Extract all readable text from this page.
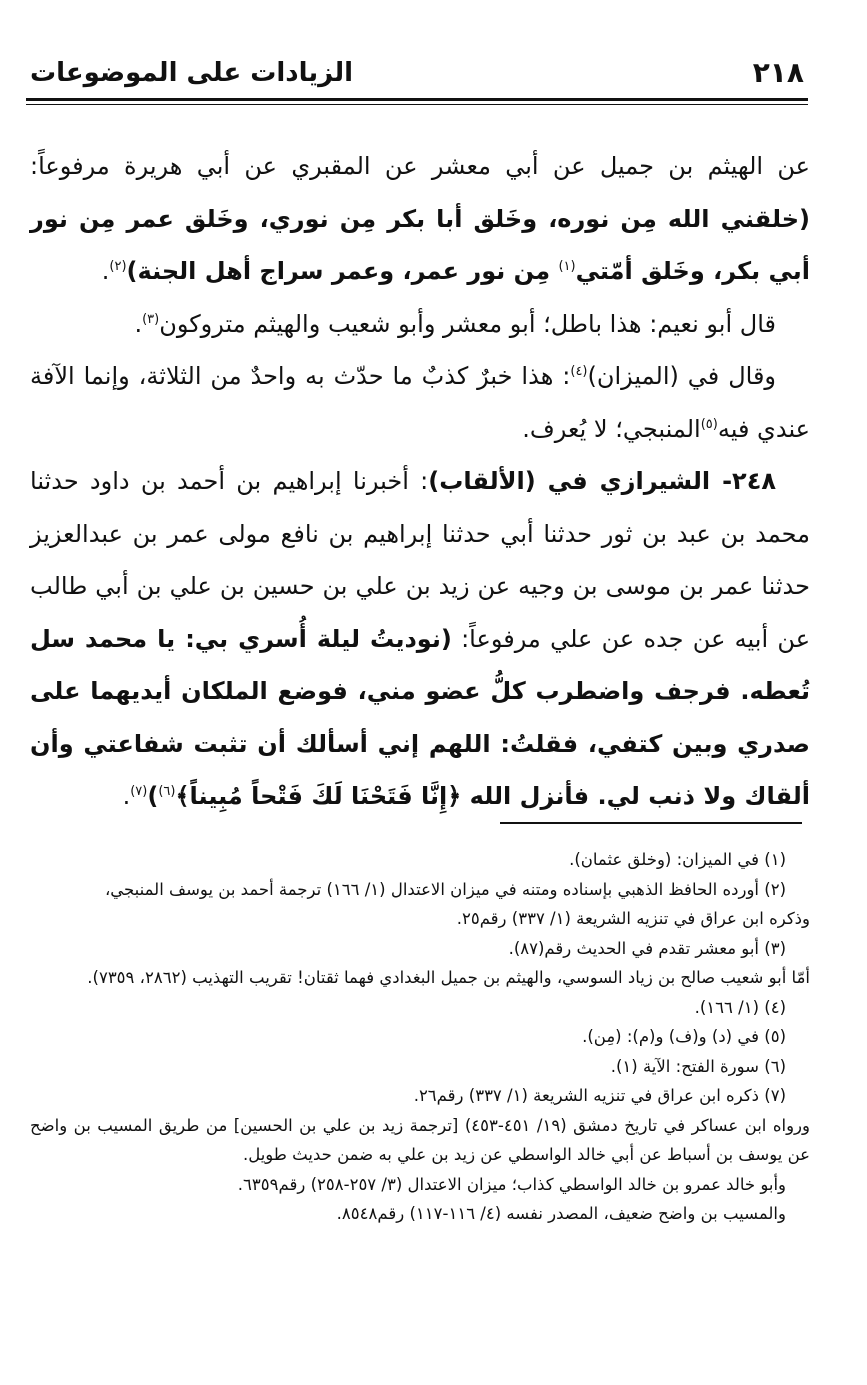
٢١٨
الزيادات على الموضوعات

عن الهيثم بن جميل عن أبي معشر عن المقبري عن أبي هريرة مرفوعاً: (خلقني الله مِن نوره، وخَلق أبا بكر مِن نوري، وخَلق عمر مِن نور أبي بكر، وخَلق أمّتي$^{(١)}$ مِن نور عمر، وعمر سراج أهل الجنة)$^{(٢)}$.

قال أبو نعيم: هذا باطل؛ أبو معشر وأبو شعيب والهيثم متروكون$^{(٣)}$.

وقال في (الميزان)$^{(٤)}$: هذا خبرٌ كذبٌ ما حدّث به واحدٌ من الثلاثة، وإنما الآفة عندي فيه$^{(٥)}$المنبجي؛ لا يُعرف.

٢٤٨- الشيرازي في (الألقاب): أخبرنا إبراهيم بن أحمد بن داود حدثنا محمد بن عبد بن ثور حدثنا أبي حدثنا إبراهيم بن نافع مولى عمر بن عبدالعزيز حدثنا عمر بن موسى بن وجيه عن زيد بن علي بن حسين بن علي بن أبي طالب عن أبيه عن جده عن علي مرفوعاً: (نوديتُ ليلة أُسري بي: يا محمد سل تُعطه. فرجف واضطرب كلُّ عضو مني، فوضع الملكان أيديهما على صدري وبين كتفي، فقلتُ: اللهم إني أسألك أن تثبت شفاعتي وأن ألقاك ولا ذنب لي. فأنزل الله ﴿إِنَّا فَتَحْنَا لَكَ فَتْحاً مُبِيناً﴾$^{(٦)}$)$^{(٧)}$.

(١) في الميزان: (وخلق عثمان).

(٢) أورده الحافظ الذهبي بإسناده ومتنه في ميزان الاعتدال (١/ ١٦٦) ترجمة أحمد بن يوسف المنبجي،

وذكره ابن عراق في تنزيه الشريعة (١/ ٣٣٧) رقم٢٥.

(٣) أبو معشر تقدم في الحديث رقم(٨٧).

أمّا أبو شعيب صالح بن زياد السوسي، والهيثم بن جميل البغدادي فهما ثقتان! تقريب التهذيب (٢٨٦٢، ٧٣٥٩).

(٤) (١/ ١٦٦).

(٥) في (د) و(ف) و(م): (مِن).

(٦) سورة الفتح: الآية (١).

(٧) ذكره ابن عراق في تنزيه الشريعة (١/ ٣٣٧) رقم٢٦.

ورواه ابن عساكر في تاريخ دمشق (١٩/ ٤٥١-٤٥٣) [ترجمة زيد بن علي بن الحسين] من طريق المسيب بن واضح عن يوسف بن أسباط عن أبي خالد الواسطي عن زيد بن علي به ضمن حديث طويل.

وأبو خالد عمرو بن خالد الواسطي كذاب؛ ميزان الاعتدال (٣/ ٢٥٧-٢٥٨) رقم٦٣٥٩.

والمسيب بن واضح ضعيف، المصدر نفسه (٤/ ١١٦-١١٧) رقم٨٥٤٨.
